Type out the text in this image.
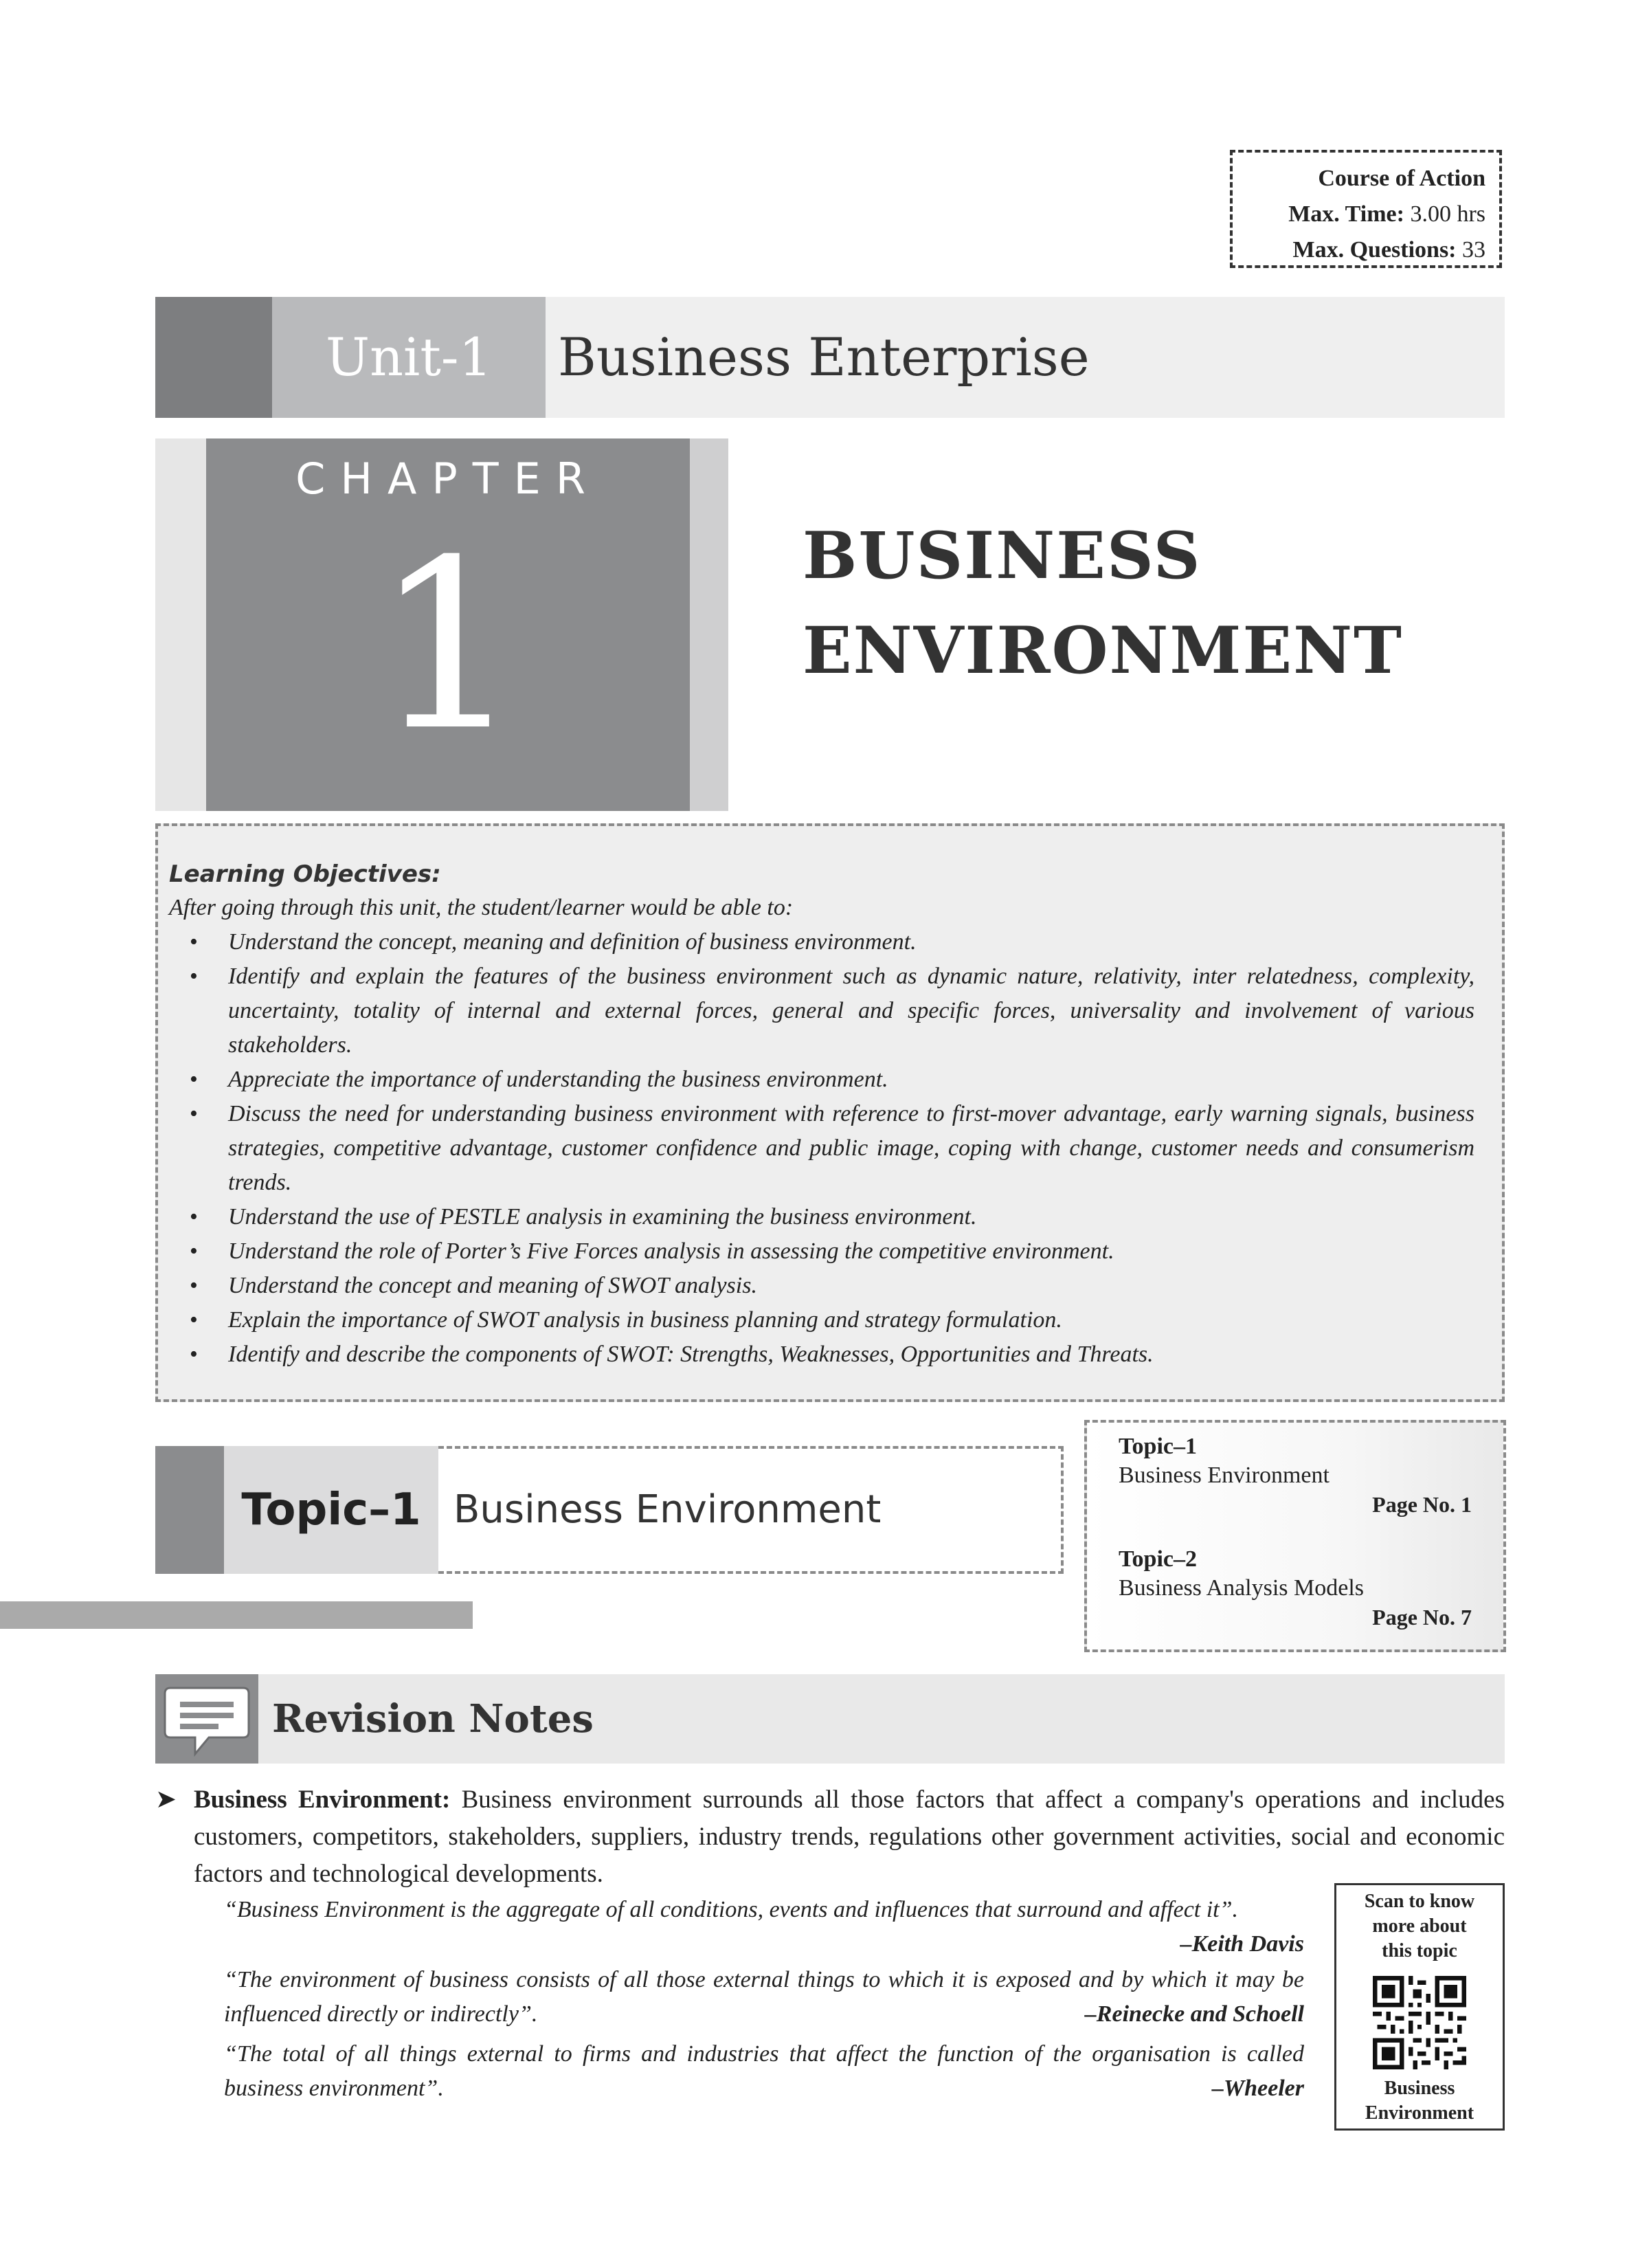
Course of Action
Max. Time: 3.00 hrs
Max. Questions: 33
Unit-1	Business Enterprise
CHAPTER
1	BUSINESS
ENVIRONMENT
Learning Objectives:
After going through this unit, the student/learner would be able to:
• Understand the concept, meaning and definition of business environment.
• Identify and explain the features of the business environment such as dynamic nature, relativity, inter relatedness, complexity, uncertainty, totality of internal and external forces, general and specific forces, universality and involvement of various stakeholders.
• Appreciate the importance of understanding the business environment.
• Discuss the need for understanding business environment with reference to first-mover advantage, early warning signals, business strategies, competitive advantage, customer confidence and public image, coping with change, customer needs and consumerism trends.
• Understand the use of PESTLE analysis in examining the business environment.
• Understand the role of Porter’s Five Forces analysis in assessing the competitive environment.
• Understand the concept and meaning of SWOT analysis.
• Explain the importance of SWOT analysis in business planning and strategy formulation.
• Identify and describe the components of SWOT: Strengths, Weaknesses, Opportunities and Threats.
Topic–1
Business Environment
Page No. 1
Topic–2
Business Analysis Models
Page No. 7
Topic–1 Business Environment
Revision Notes
➤ Business Environment: Business environment surrounds all those factors that affect a company's operations and includes customers, competitors, stakeholders, suppliers, industry trends, regulations other government activities, social and economic factors and technological developments.
“Business Environment is the aggregate of all conditions, events and influences that surround and affect it”.
–Keith Davis
“The environment of business consists of all those external things to which it is exposed and by which it may be influenced directly or indirectly”.	–Reinecke and Schoell
“The total of all things external to firms and industries that affect the function of the organisation is called business environment”.	–Wheeler
Scan to know
more about
this topic
Business
Environment
